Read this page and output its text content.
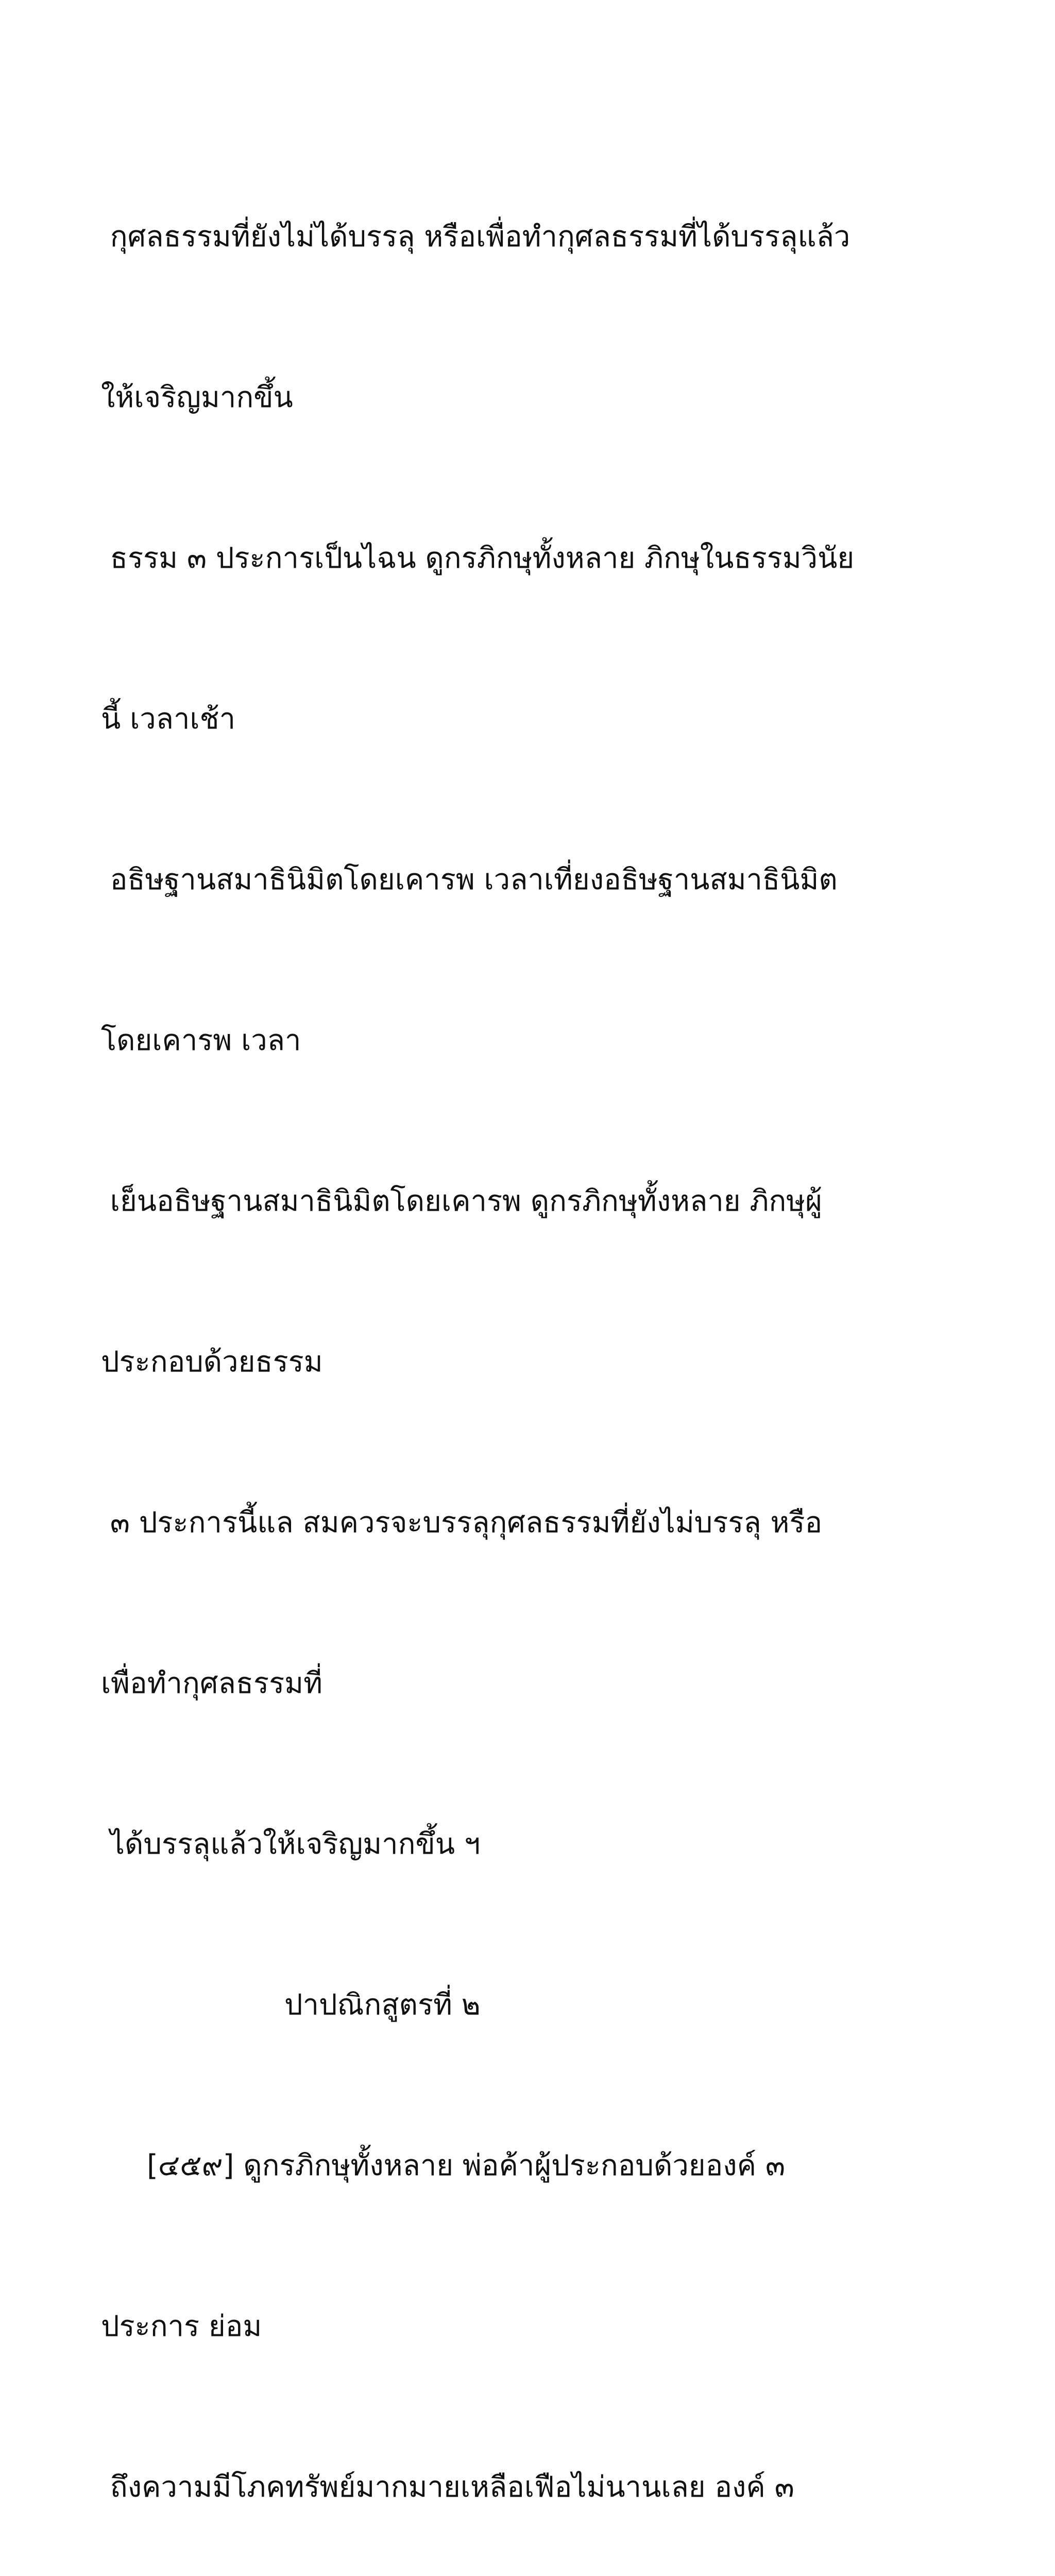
กุศลธรรมที่ยังไม่ได้บรรลุ หรือเพื่อทำกุศลธรรมที่ได้บรรลุแล้ว

ให้เจริญมากขึ้น

ธรรม ๓ ประการเป็นไฉน ดูกรภิกษุทั้งหลาย ภิกษุในธรรมวินัย

นี้ เวลาเช้า

อธิษฐานสมาธินิมิตโดยเคารพ เวลาเที่ยงอธิษฐานสมาธินิมิต

โดยเคารพ เวลา

เย็นอธิษฐานสมาธินิมิตโดยเคารพ ดูกรภิกษุทั้งหลาย ภิกษุผู้

ประกอบด้วยธรรม

๓ ประการนี้แล สมควรจะบรรลุกุศลธรรมที่ยังไม่บรรลุ หรือ

เพื่อทำกุศลธรรมที่

ได้บรรลุแล้วให้เจริญมากขึ้น ฯ

ปาปณิกสูตรที่ ๒

[๔๕๙] ดูกรภิกษุทั้งหลาย พ่อค้าผู้ประกอบด้วยองค์ ๓

ประการ ย่อม

ถึงความมีโภคทรัพย์มากมายเหลือเฟือไม่นานเลย องค์ ๓
